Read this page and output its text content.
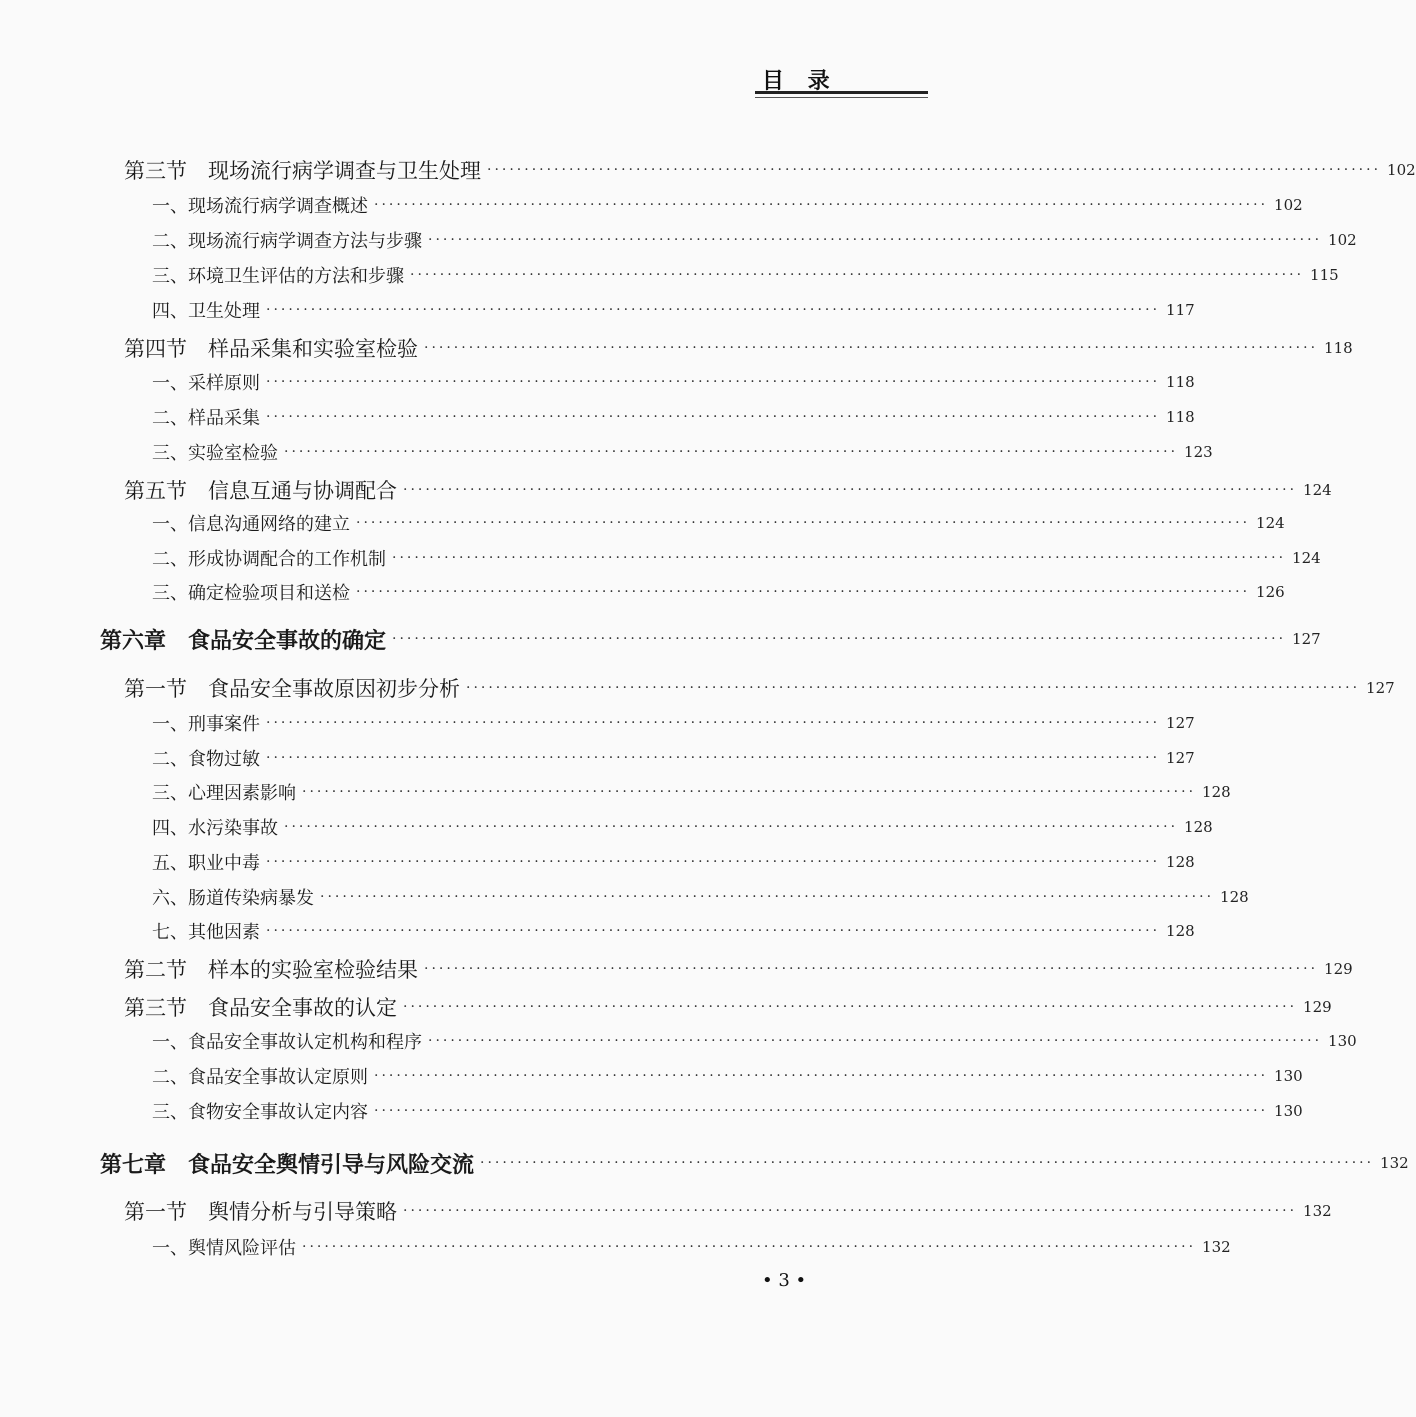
目 录
第三节　现场流行病学调查与卫生处理 ························································································································ 102
一、现场流行病学调查概述 ························································································································ 102
二、现场流行病学调查方法与步骤 ························································································································ 102
三、环境卫生评估的方法和步骤 ························································································································ 115
四、卫生处理 ························································································································ 117
第四节　样品采集和实验室检验 ························································································································ 118
一、采样原则 ························································································································ 118
二、样品采集 ························································································································ 118
三、实验室检验 ························································································································ 123
第五节　信息互通与协调配合 ························································································································ 124
一、信息沟通网络的建立 ························································································································ 124
二、形成协调配合的工作机制 ························································································································ 124
三、确定检验项目和送检 ························································································································ 126
第六章　食品安全事故的确定 ························································································································ 127
第一节　食品安全事故原因初步分析 ························································································································ 127
一、刑事案件 ························································································································ 127
二、食物过敏 ························································································································ 127
三、心理因素影响 ························································································································ 128
四、水污染事故 ························································································································ 128
五、职业中毒 ························································································································ 128
六、肠道传染病暴发 ························································································································ 128
七、其他因素 ························································································································ 128
第二节　样本的实验室检验结果 ························································································································ 129
第三节　食品安全事故的认定 ························································································································ 129
一、食品安全事故认定机构和程序 ························································································································ 130
二、食品安全事故认定原则 ························································································································ 130
三、食物安全事故认定内容 ························································································································ 130
第七章　食品安全舆情引导与风险交流 ························································································································ 132
第一节　舆情分析与引导策略 ························································································································ 132
一、舆情风险评估 ························································································································ 132
• 3 •
